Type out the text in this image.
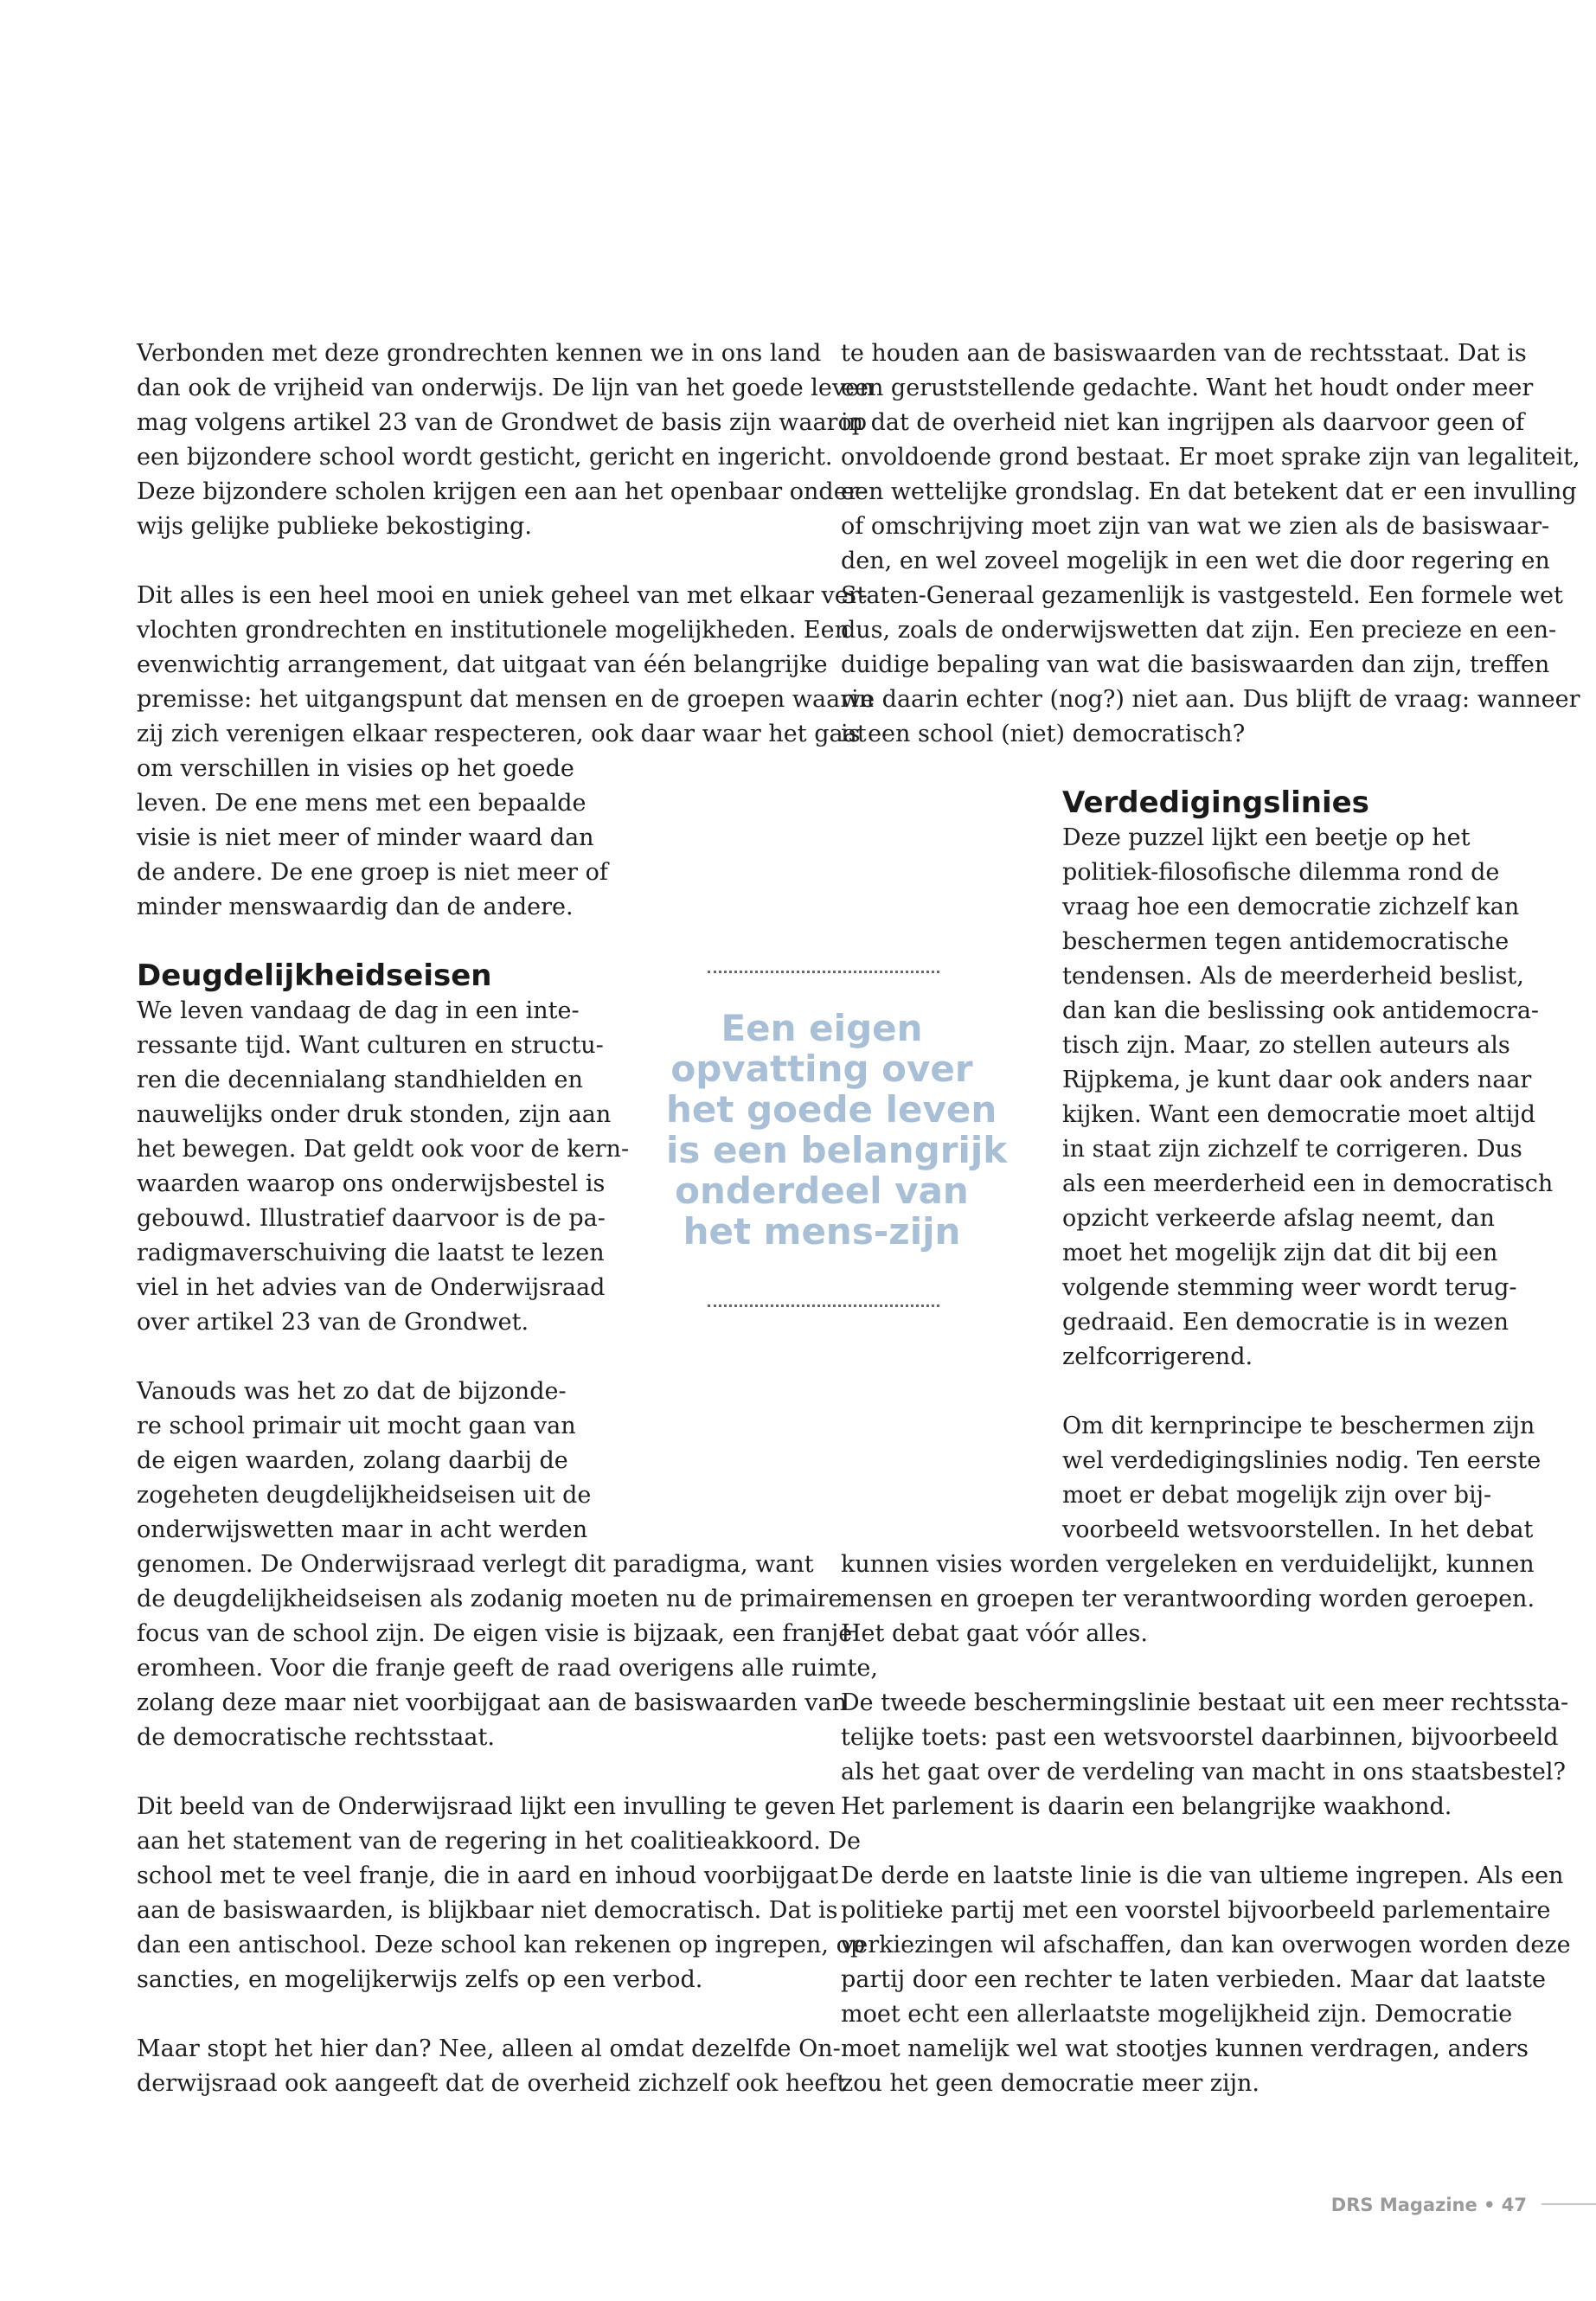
Verbonden met deze grondrechten kennen we in ons land
dan ook de vrijheid van onderwijs. De lijn van het goede leven
mag volgens artikel 23 van de Grondwet de basis zijn waarop
een bijzondere school wordt gesticht, gericht en ingericht.
Deze bijzondere scholen krijgen een aan het openbaar onder-
wijs gelijke publieke bekostiging.
Dit alles is een heel mooi en uniek geheel van met elkaar ver-
vlochten grondrechten en institutionele mogelijkheden. Een
evenwichtig arrangement, dat uitgaat van één belangrijke
premisse: het uitgangspunt dat mensen en de groepen waarin
zij zich verenigen elkaar respecteren, ook daar waar het gaat
om verschillen in visies op het goede
leven. De ene mens met een bepaalde
visie is niet meer of minder waard dan
de andere. De ene groep is niet meer of
minder menswaardig dan de andere.
Deugdelijkheidseisen
We leven vandaag de dag in een inte-
ressante tijd. Want culturen en structu-
ren die decennialang standhielden en
nauwelijks onder druk stonden, zijn aan
het bewegen. Dat geldt ook voor de kern-
waarden waarop ons onderwijsbestel is
gebouwd. Illustratief daarvoor is de pa-
radigmaverschuiving die laatst te lezen
viel in het advies van de Onderwijsraad
over artikel 23 van de Grondwet.
Vanouds was het zo dat de bijzonde-
re school primair uit mocht gaan van
de eigen waarden, zolang daarbij de
zogeheten deugdelijkheidseisen uit de
onderwijswetten maar in acht werden
genomen. De Onderwijsraad verlegt dit paradigma, want
de deugdelijkheidseisen als zodanig moeten nu de primaire
focus van de school zijn. De eigen visie is bijzaak, een franje
eromheen. Voor die franje geeft de raad overigens alle ruimte,
zolang deze maar niet voorbijgaat aan de basiswaarden van
de democratische rechtsstaat.
Dit beeld van de Onderwijsraad lijkt een invulling te geven
aan het statement van de regering in het coalitieakkoord. De
school met te veel franje, die in aard en inhoud voorbijgaat
aan de basiswaarden, is blijkbaar niet democratisch. Dat is
dan een antischool. Deze school kan rekenen op ingrepen, op
sancties, en mogelijkerwijs zelfs op een verbod.
Maar stopt het hier dan? Nee, alleen al omdat dezelfde On-
derwijsraad ook aangeeft dat de overheid zichzelf ook heeft
te houden aan de basiswaarden van de rechtsstaat. Dat is
een geruststellende gedachte. Want het houdt onder meer
in dat de overheid niet kan ingrijpen als daarvoor geen of
onvoldoende grond bestaat. Er moet sprake zijn van legaliteit,
een wettelijke grondslag. En dat betekent dat er een invulling
of omschrijving moet zijn van wat we zien als de basiswaar-
den, en wel zoveel mogelijk in een wet die door regering en
Staten-Generaal gezamenlijk is vastgesteld. Een formele wet
dus, zoals de onderwijswetten dat zijn. Een precieze en een-
duidige bepaling van wat die basiswaarden dan zijn, treffen
we daarin echter (nog?) niet aan. Dus blijft de vraag: wanneer
is een school (niet) democratisch?
Verdedigingslinies
Deze puzzel lijkt een beetje op het
politiek-filosofische dilemma rond de
vraag hoe een democratie zichzelf kan
beschermen tegen antidemocratische
tendensen. Als de meerderheid beslist,
dan kan die beslissing ook antidemocra-
tisch zijn. Maar, zo stellen auteurs als
Rijpkema, je kunt daar ook anders naar
kijken. Want een democratie moet altijd
in staat zijn zichzelf te corrigeren. Dus
als een meerderheid een in democratisch
opzicht verkeerde afslag neemt, dan
moet het mogelijk zijn dat dit bij een
volgende stemming weer wordt terug-
gedraaid. Een democratie is in wezen
zelfcorrigerend.
Om dit kernprincipe te beschermen zijn
wel verdedigingslinies nodig. Ten eerste
moet er debat mogelijk zijn over bij-
voorbeeld wetsvoorstellen. In het debat
kunnen visies worden vergeleken en verduidelijkt, kunnen
mensen en groepen ter verantwoording worden geroepen.
Het debat gaat vóór alles.
De tweede beschermingslinie bestaat uit een meer rechtssta-
telijke toets: past een wetsvoorstel daarbinnen, bijvoorbeeld
als het gaat over de verdeling van macht in ons staatsbestel?
Het parlement is daarin een belangrijke waakhond.
De derde en laatste linie is die van ultieme ingrepen. Als een
politieke partij met een voorstel bijvoorbeeld parlementaire
verkiezingen wil afschaffen, dan kan overwogen worden deze
partij door een rechter te laten verbieden. Maar dat laatste
moet echt een allerlaatste mogelijkheid zijn. Democratie
moet namelijk wel wat stootjes kunnen verdragen, anders
zou het geen democratie meer zijn.
Een eigen
opvatting over
het goede leven
is een belangrijk
onderdeel van
het mens-zijn
DRS Magazine • 47
